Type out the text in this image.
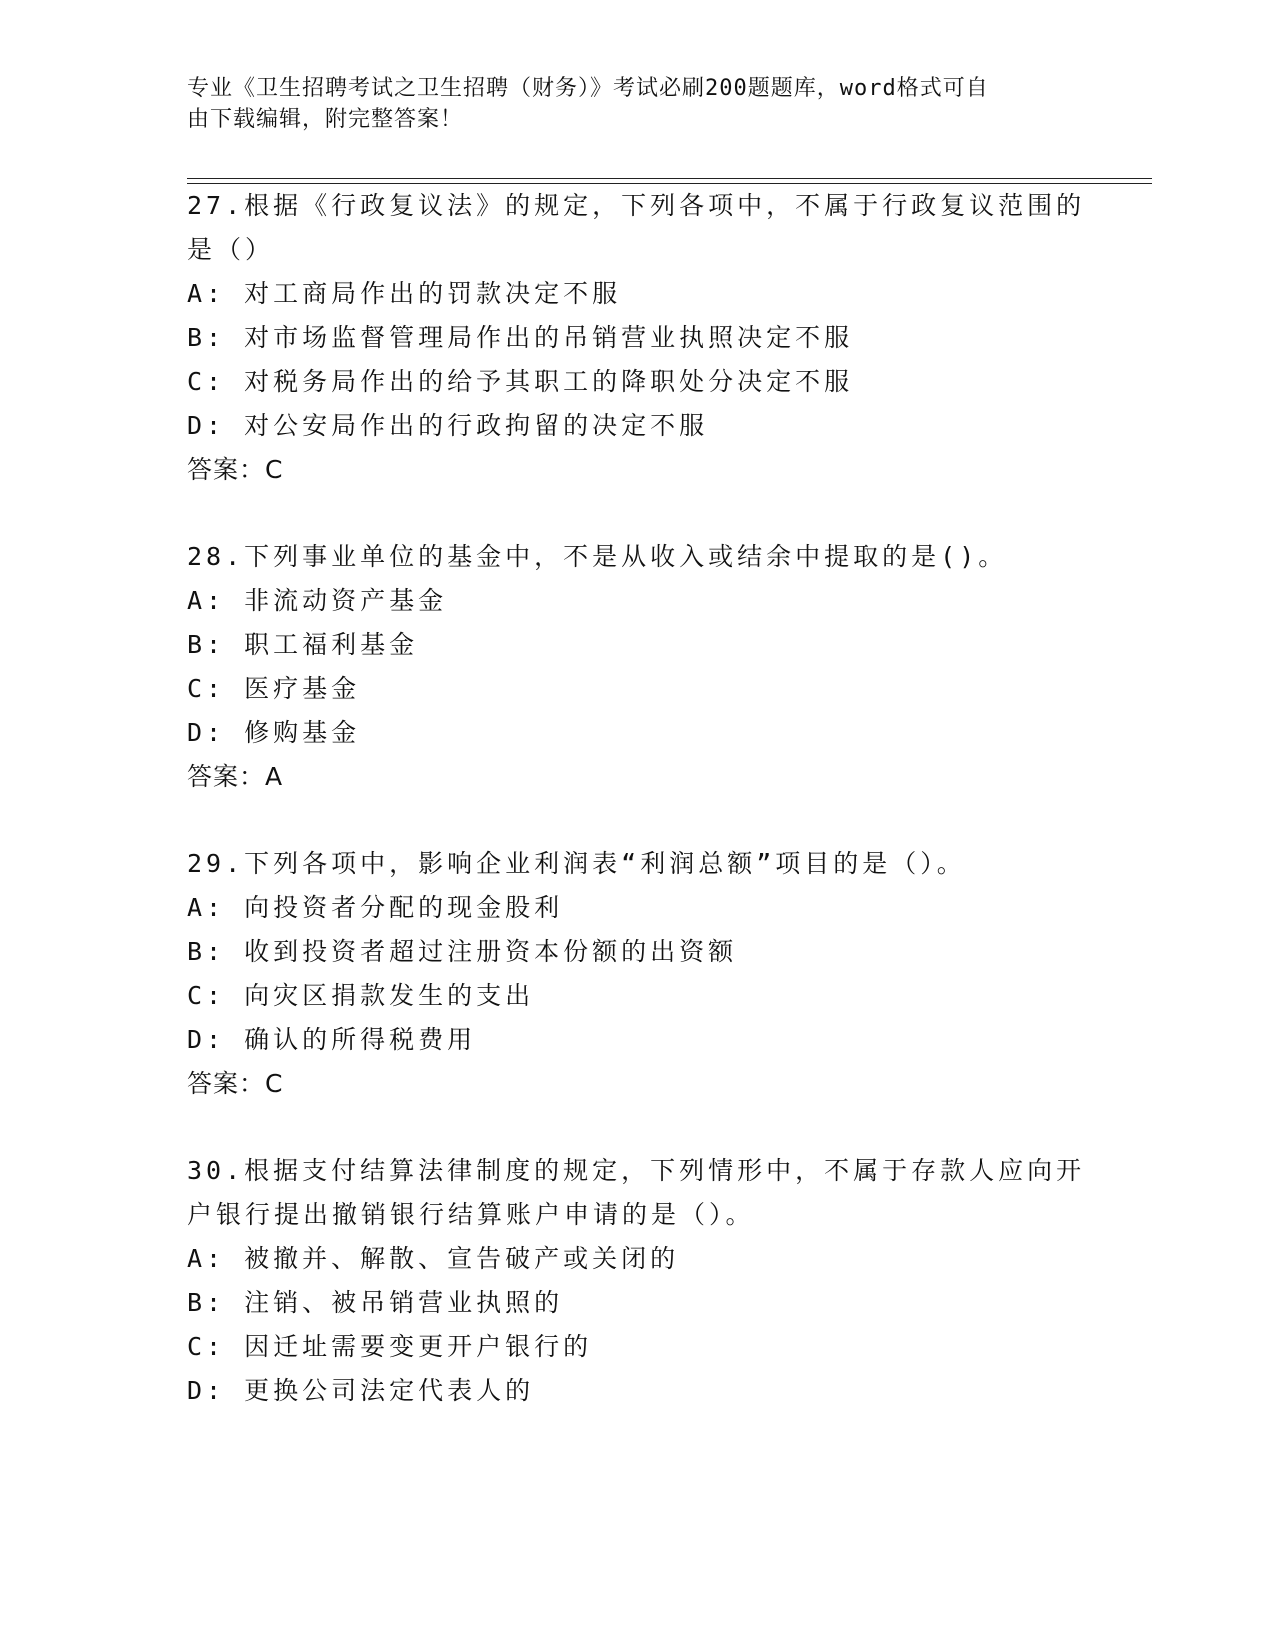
专业《卫生招聘考试之卫生招聘（财务）》考试必刷200题题库，word格式可自
由下载编辑，附完整答案！
27.根据《行政复议法》的规定，下列各项中，不属于行政复议范围的
是（）
A: 对工商局作出的罚款决定不服
B: 对市场监督管理局作出的吊销营业执照决定不服
C: 对税务局作出的给予其职工的降职处分决定不服
D: 对公安局作出的行政拘留的决定不服
答案：C
28.下列事业单位的基金中，不是从收入或结余中提取的是()。
A: 非流动资产基金
B: 职工福利基金
C: 医疗基金
D: 修购基金
答案：A
29.下列各项中，影响企业利润表“利润总额”项目的是（）。
A: 向投资者分配的现金股利
B: 收到投资者超过注册资本份额的出资额
C: 向灾区捐款发生的支出
D: 确认的所得税费用
答案：C
30.根据支付结算法律制度的规定，下列情形中，不属于存款人应向开
户银行提出撤销银行结算账户申请的是（）。
A: 被撤并、解散、宣告破产或关闭的
B: 注销、被吊销营业执照的
C: 因迁址需要变更开户银行的
D: 更换公司法定代表人的
